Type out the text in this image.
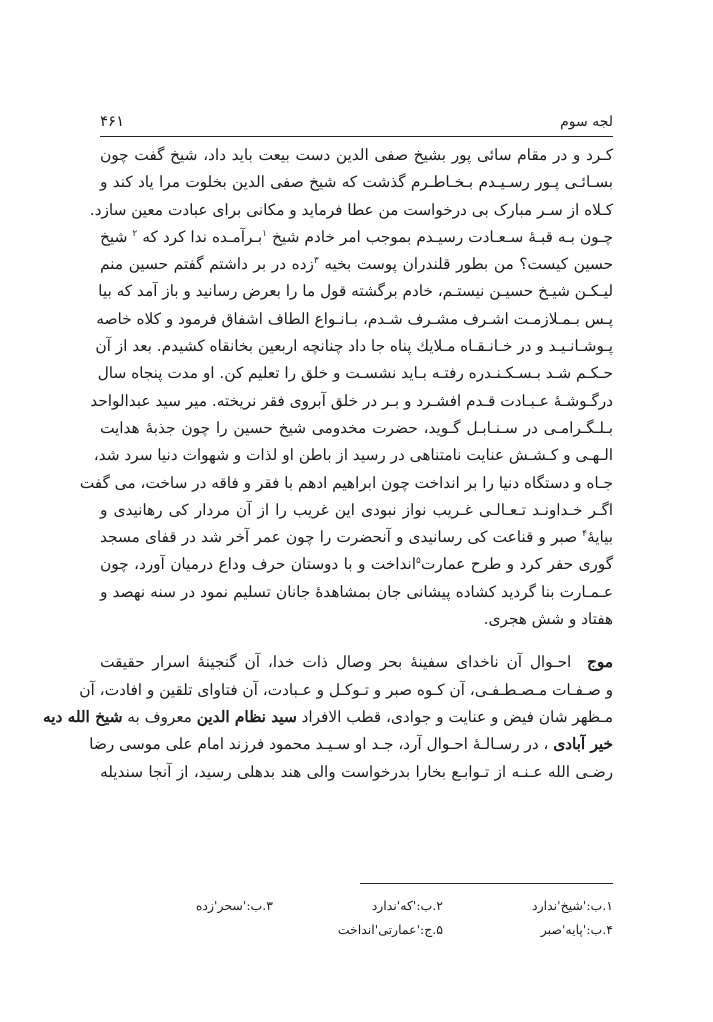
لجه سوم
۴۶۱
کـرد و در مقام سائی پور بشیخ صفی الدین دست بیعت باید داد، شیخ گفت چون
بسـائـی پـور رسـیـدم بـخـاطـرم گذشت که شیخ صفی الدین بخلوت مرا یاد کند و
کـلاه از سـر مبارک بی درخواست من عطا فرماید و مکانی برای عبادت معین سازد.
چـون بـه قبـهٔ سـعـادت رسیـدم بموجب امر خادم شیخ $^۱$بـرآمـده ندا کرد که $^۲$ شیخ
حسین کیست؟ من بطور قلندران پوست بخیه $^۳$زده در بر داشتم گفتم حسین منم
لیـکـن شیـخ حسیـن نیستـم، خادم برگشته قول ما را بعرض رسانید و باز آمد که بیا
پـس بـمـلازمـت اشـرف مشـرف شـدم، بـانـواع الطاف اشفاق فرمود و کلاه خاصه
پـوشـانـیـد و در خـانـقـاه مـلایك پناه جا داد چنانچه اربعین بخانقاه کشیدم. بعد از آن
حـکـم شـد بـسـکـنـدره رفتـه بـاید نشسـت و خلق را تعلیم کن. او مدت پنجاه سال
درگـوشـهٔ عـبـادت قـدم افشـرد و بـر در خلق آبروی فقر نریخته. میر سید عبدالواحد
بـلـگـرامـی در سـنـابـل گـوید، حضرت مخدومی شیخ حسین را چون جذبهٔ هدایت
الـهـی و کـشـش عنایت نامتناهی در رسید از باطن او لذات و شهوات دنیا سرد شد،
جـاه و دستگاه دنیا را بر انداخت چون ابراهیم ادهم با فقر و فاقه در ساخت، می گفت
اگـر خـداونـد تـعـالـی غـریب نواز نبودی این غریب را از آن مردار کی رهانیدی و
بیایهٔ$^۴$ صبر و قناعت کی رسانیدی و آنحضرت را چون عمر آخر شد در قفای مسجد
گوری حفر کرد و طرح عمارت$^۵$انداخت و با دوستان حرف وداع درمیان آورد، چون
عـمـارت بنا گردید کشاده پیشانی جان بمشاهدهٔ جانان تسلیم نمود در سنه نهصد و
هفتاد و شش هجری.
موج  احـوال آن ناخدای سفینهٔ بحر وصال ذات خدا، آن گنجینهٔ اسرار حقیقت
و صـفـات مـصـطـفـی، آن کـوه صبر و تـوکـل و عـبادت، آن فتاوای تلقین و افادت، آن
مـظهر شان فیض و عنایت و جوادی، قطب الافراد سید نظام الدین معروف به شیخ الله دیه
خیر آبادی ، در رسـالـهٔ احـوال آرد، جـد او سـیـد محمود فرزند امام علی موسی رضا
رضـی الله عـنـه از تـوابـع بخارا بدرخواست والی هند بدهلی رسید، از آنجا سندیله
۱.ب:'شیخ'ندارد
۲.ب:'که'ندارد
۳.ب:'سحر'زده
۴.ب:'پایه'صبر
۵.ج:'عمارتی'انداخت
